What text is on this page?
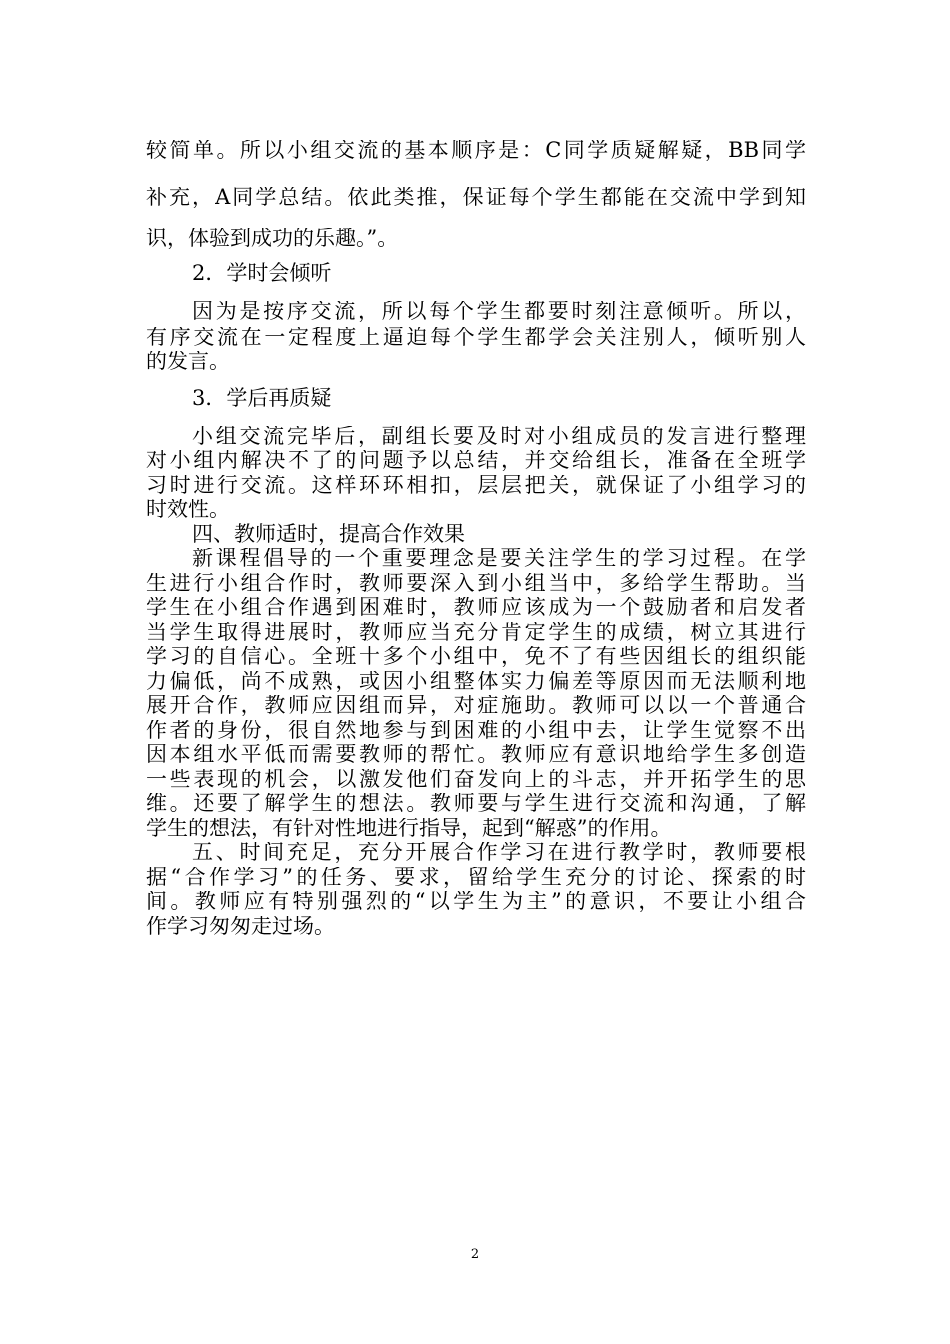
较简单。所以小组交流的基本顺序是：C同学质疑解疑，BB同学
补充，A同学总结。依此类推，保证每个学生都能在交流中学到知
识，体验到成功的乐趣。”。
2．学时会倾听
因为是按序交流，所以每个学生都要时刻注意倾听。所以，
有序交流在一定程度上逼迫每个学生都学会关注别人，倾听别人
的发言。
3．学后再质疑
小组交流完毕后，副组长要及时对小组成员的发言进行整理
对小组内解决不了的问题予以总结，并交给组长，准备在全班学
习时进行交流。这样环环相扣，层层把关，就保证了小组学习的
时效性。
四、教师适时，提高合作效果
新课程倡导的一个重要理念是要关注学生的学习过程。在学
生进行小组合作时，教师要深入到小组当中，多给学生帮助。当
学生在小组合作遇到困难时，教师应该成为一个鼓励者和启发者
当学生取得进展时，教师应当充分肯定学生的成绩，树立其进行
学习的自信心。全班十多个小组中，免不了有些因组长的组织能
力偏低，尚不成熟，或因小组整体实力偏差等原因而无法顺利地
展开合作，教师应因组而异，对症施助。教师可以以一个普通合
作者的身份，很自然地参与到困难的小组中去，让学生觉察不出
因本组水平低而需要教师的帮忙。教师应有意识地给学生多创造
一些表现的机会，以激发他们奋发向上的斗志，并开拓学生的思
维。还要了解学生的想法。教师要与学生进行交流和沟通，了解
学生的想法，有针对性地进行指导，起到“解惑”的作用。
五、时间充足，充分开展合作学习在进行教学时，教师要根
据“合作学习”的任务、要求，留给学生充分的讨论、探索的时
间。教师应有特别强烈的“以学生为主”的意识，不要让小组合
作学习匆匆走过场。
2
